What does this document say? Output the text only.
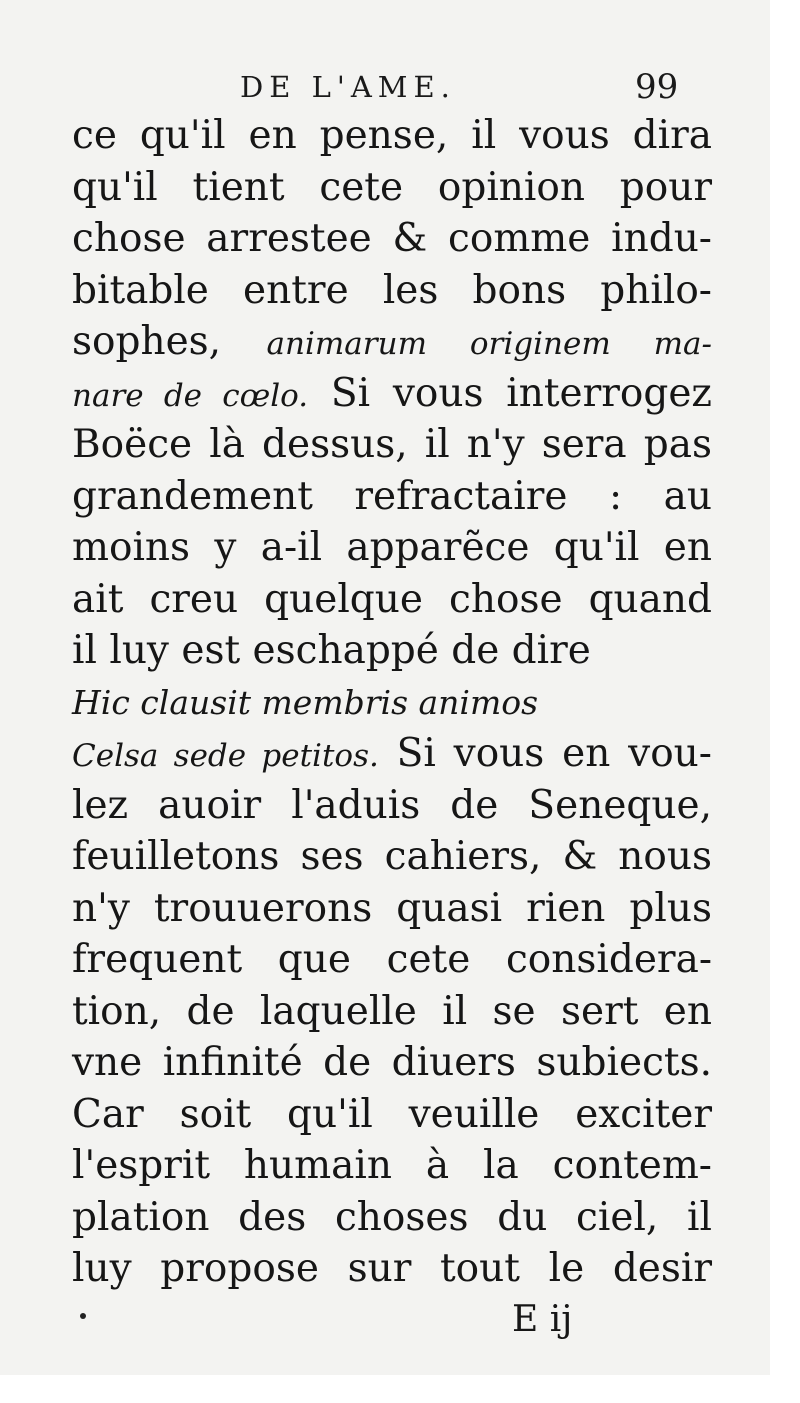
DE L'AME.	99
ce qu'il en pense, il vous dira
qu'il tient cete opinion pour
chose arrestee & comme indu-
bitable entre les bons philo-
sophes, animarum originem ma-
nare de cœlo. Si vous interrogez
Boëce là dessus, il n'y sera pas
grandement refractaire : au
moins y a-il apparẽce qu'il en
ait creu quelque chose quand
il luy est eschappé de dire
Hic clausit membris animos
Celsa sede petitos. Si vous en vou-
lez auoir l'aduis de Seneque,
feuilletons ses cahiers, & nous
n'y trouuerons quasi rien plus
frequent que cete considera-
tion, de laquelle il se sert en
vne infinité de diuers subiects.
Car soit qu'il veuille exciter
l'esprit humain à la contem-
plation des choses du ciel, il
luy propose sur tout le desir
E ij
